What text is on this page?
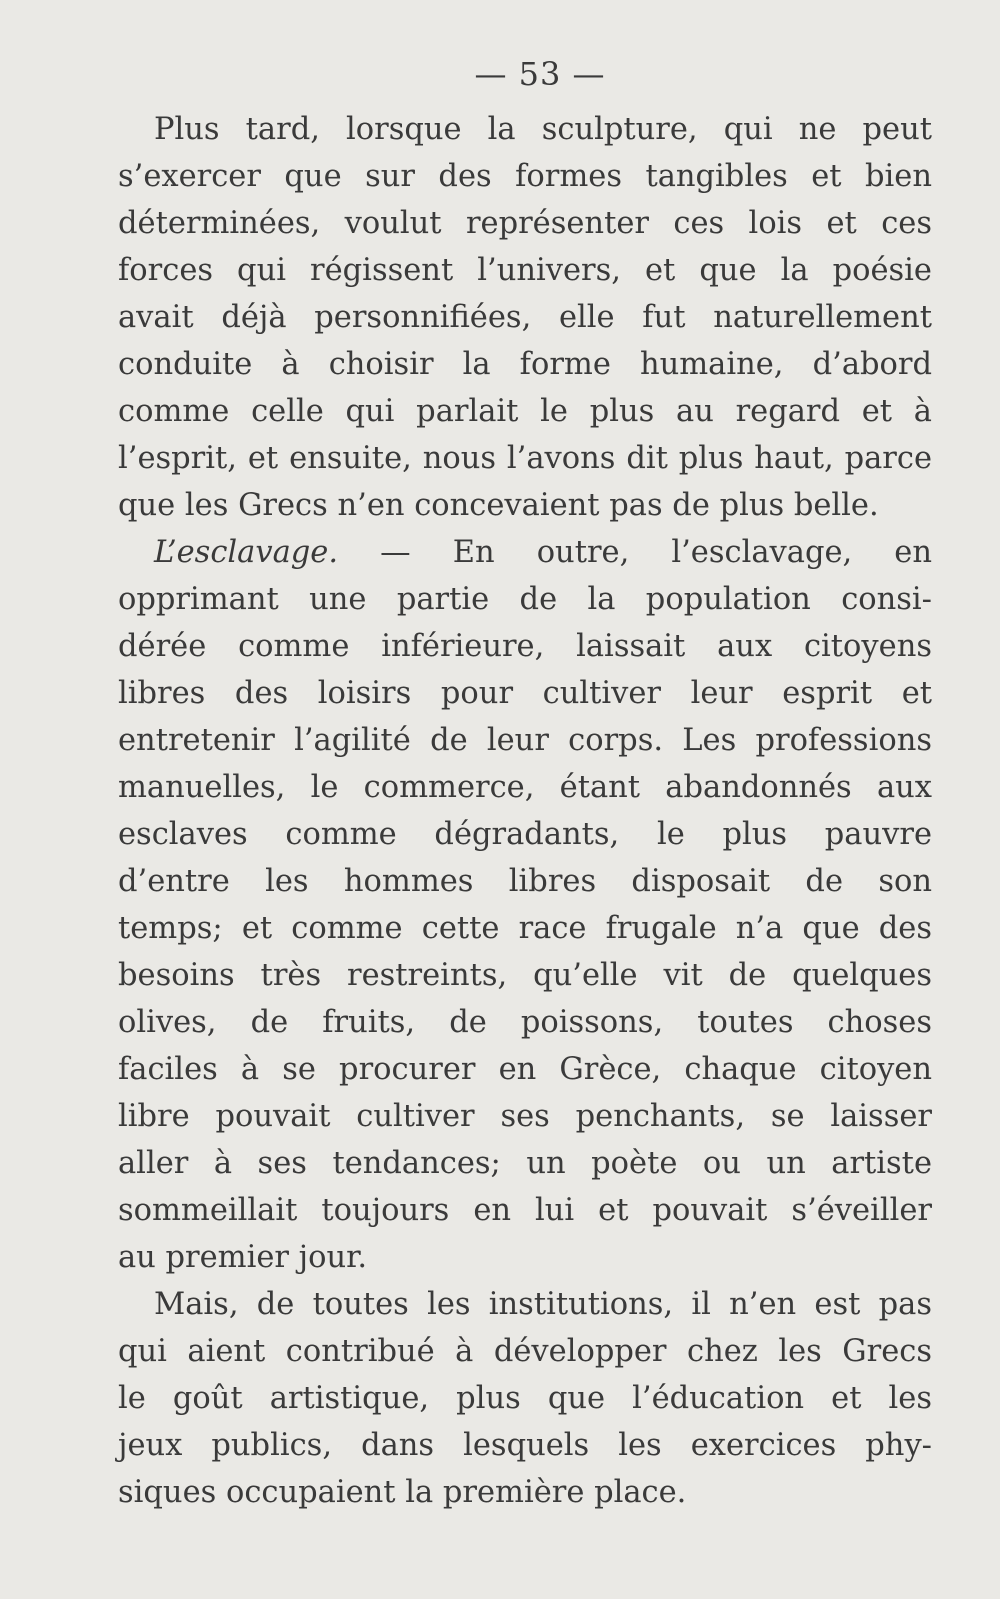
— 53 —

Plus tard, lorsque la sculpture, qui ne peut
s’exercer que sur des formes tangibles et bien
déterminées, voulut représenter ces lois et ces
forces qui régissent l’univers, et que la poésie
avait déjà personnifiées, elle fut naturellement
conduite à choisir la forme humaine, d’abord
comme celle qui parlait le plus au regard et à
l’esprit, et ensuite, nous l’avons dit plus haut, parce
que les Grecs n’en concevaient pas de plus belle.

L’esclavage. — En outre, l’esclavage, en
opprimant une partie de la population consi-
dérée comme inférieure, laissait aux citoyens
libres des loisirs pour cultiver leur esprit et
entretenir l’agilité de leur corps. Les professions
manuelles, le commerce, étant abandonnés aux
esclaves comme dégradants, le plus pauvre
d’entre les hommes libres disposait de son
temps; et comme cette race frugale n’a que des
besoins très restreints, qu’elle vit de quelques
olives, de fruits, de poissons, toutes choses
faciles à se procurer en Grèce, chaque citoyen
libre pouvait cultiver ses penchants, se laisser
aller à ses tendances; un poète ou un artiste
sommeillait toujours en lui et pouvait s’éveiller
au premier jour.

Mais, de toutes les institutions, il n’en est pas
qui aient contribué à développer chez les Grecs
le goût artistique, plus que l’éducation et les
jeux publics, dans lesquels les exercices phy-
siques occupaient la première place.
